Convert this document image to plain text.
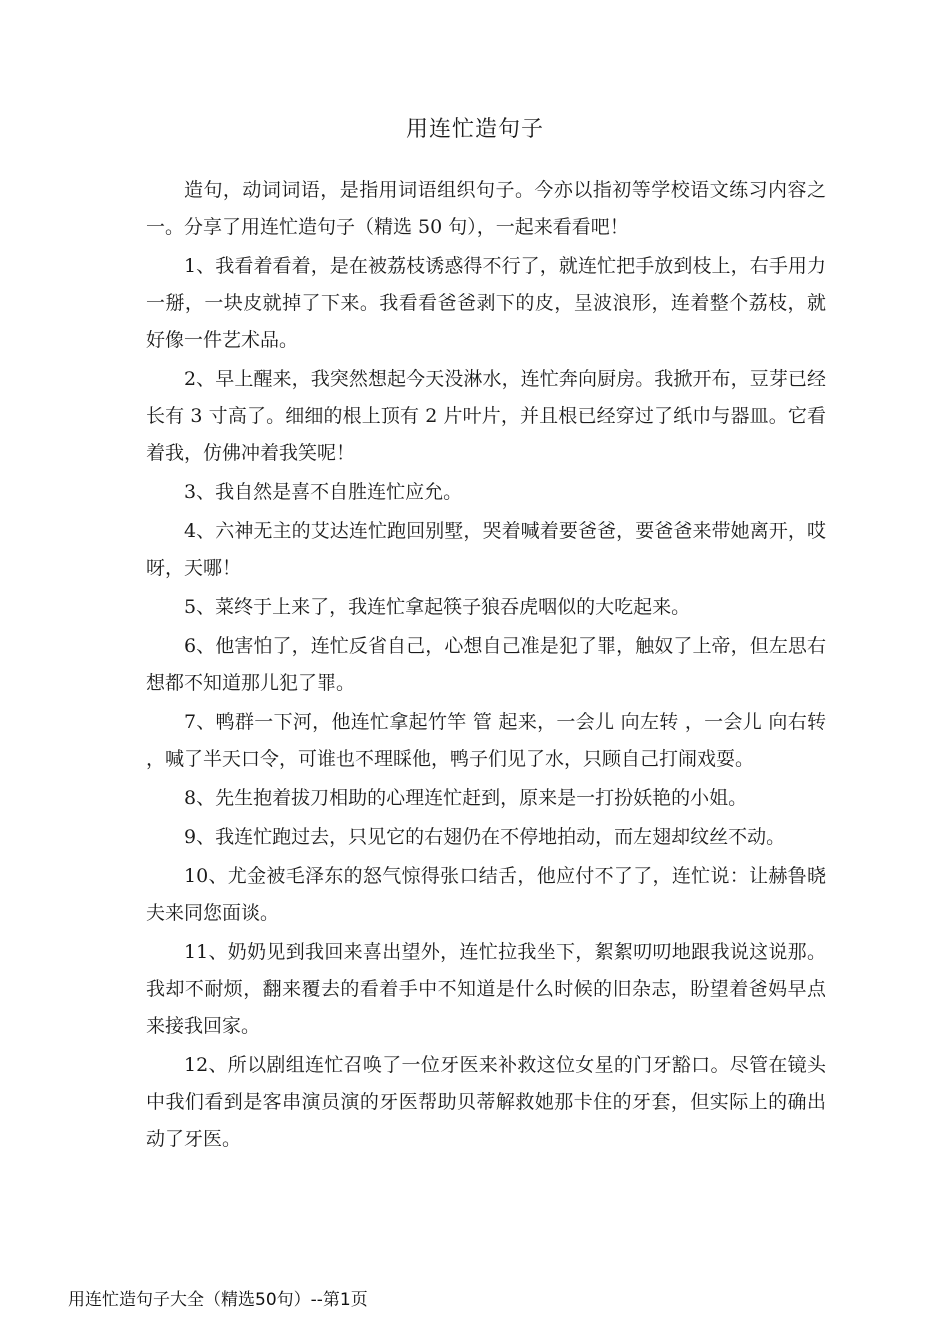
用连忙造句子

造句，动词词语，是指用词语组织句子。今亦以指初等学校语文练习内容之一。分享了用连忙造句子（精选 50 句），一起来看看吧！

1、我看着看着，是在被荔枝诱惑得不行了，就连忙把手放到枝上，右手用力一掰，一块皮就掉了下来。我看看爸爸剥下的皮，呈波浪形，连着整个荔枝，就好像一件艺术品。

2、早上醒来，我突然想起今天没淋水，连忙奔向厨房。我掀开布，豆芽已经长有 3 寸高了。细细的根上顶有 2 片叶片，并且根已经穿过了纸巾与器皿。它看着我，仿佛冲着我笑呢！

3、我自然是喜不自胜连忙应允。

4、六神无主的艾达连忙跑回别墅，哭着喊着要爸爸，要爸爸来带她离开，哎呀，天哪！

5、菜终于上来了，我连忙拿起筷子狼吞虎咽似的大吃起来。

6、他害怕了，连忙反省自己，心想自己准是犯了罪，触奴了上帝，但左思右想都不知道那儿犯了罪。

7、鸭群一下河，他连忙拿起竹竿 管 起来，一会儿 向左转 ，一会儿 向右转 ，喊了半天口令，可谁也不理睬他，鸭子们见了水，只顾自己打闹戏耍。

8、先生抱着拔刀相助的心理连忙赶到，原来是一打扮妖艳的小姐。

9、我连忙跑过去，只见它的右翅仍在不停地拍动，而左翅却纹丝不动。

10、尤金被毛泽东的怒气惊得张口结舌，他应付不了了，连忙说：让赫鲁晓夫来同您面谈。

11、奶奶见到我回来喜出望外，连忙拉我坐下，絮絮叨叨地跟我说这说那。我却不耐烦，翻来覆去的看着手中不知道是什么时候的旧杂志，盼望着爸妈早点来接我回家。

12、所以剧组连忙召唤了一位牙医来补救这位女星的门牙豁口。尽管在镜头中我们看到是客串演员演的牙医帮助贝蒂解救她那卡住的牙套，但实际上的确出动了牙医。

用连忙造句子大全（精选50句）--第1页
